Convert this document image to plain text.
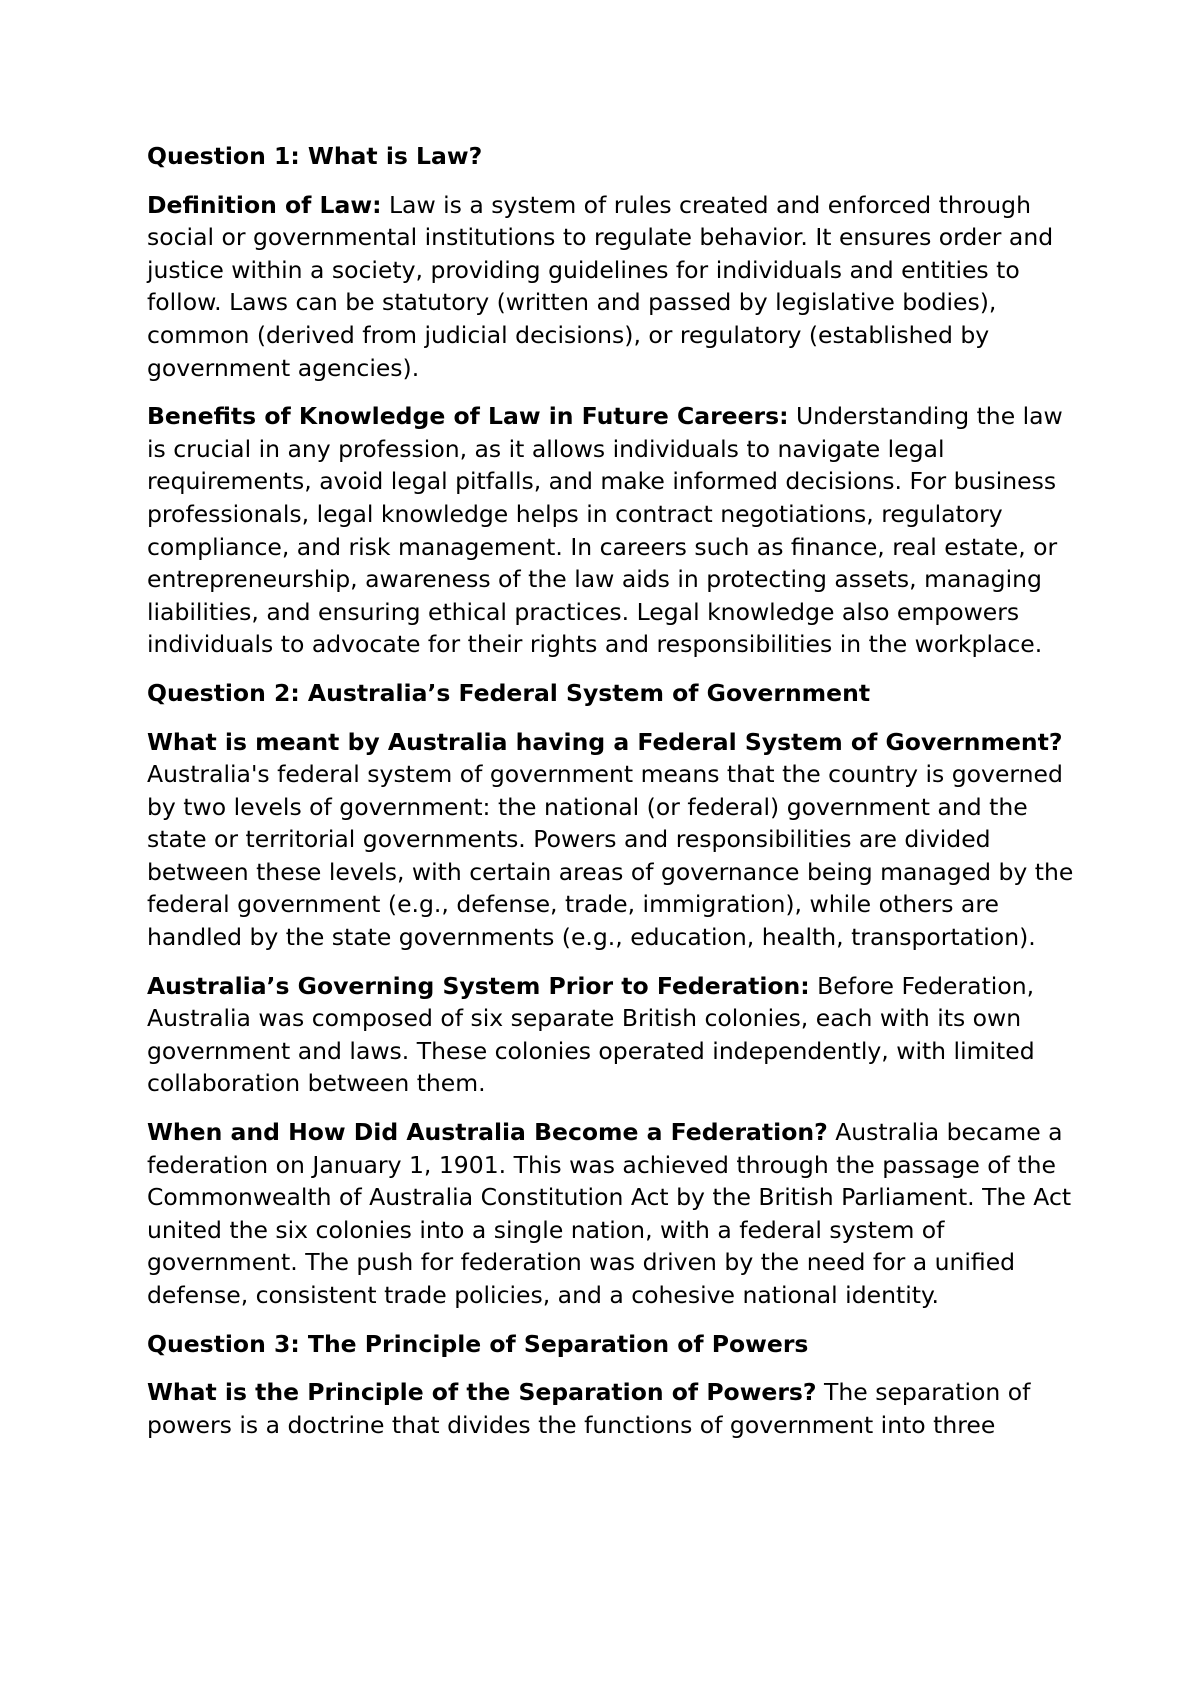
Question 1: What is Law?

Definition of Law: Law is a system of rules created and enforced through social or governmental institutions to regulate behavior. It ensures order and justice within a society, providing guidelines for individuals and entities to follow. Laws can be statutory (written and passed by legislative bodies), common (derived from judicial decisions), or regulatory (established by government agencies).

Benefits of Knowledge of Law in Future Careers: Understanding the law is crucial in any profession, as it allows individuals to navigate legal requirements, avoid legal pitfalls, and make informed decisions. For business professionals, legal knowledge helps in contract negotiations, regulatory compliance, and risk management. In careers such as finance, real estate, or entrepreneurship, awareness of the law aids in protecting assets, managing liabilities, and ensuring ethical practices. Legal knowledge also empowers individuals to advocate for their rights and responsibilities in the workplace.

Question 2: Australia’s Federal System of Government

What is meant by Australia having a Federal System of Government? Australia's federal system of government means that the country is governed by two levels of government: the national (or federal) government and the state or territorial governments. Powers and responsibilities are divided between these levels, with certain areas of governance being managed by the federal government (e.g., defense, trade, immigration), while others are handled by the state governments (e.g., education, health, transportation).

Australia’s Governing System Prior to Federation: Before Federation, Australia was composed of six separate British colonies, each with its own government and laws. These colonies operated independently, with limited collaboration between them.

When and How Did Australia Become a Federation? Australia became a federation on January 1, 1901. This was achieved through the passage of the Commonwealth of Australia Constitution Act by the British Parliament. The Act united the six colonies into a single nation, with a federal system of government. The push for federation was driven by the need for a unified defense, consistent trade policies, and a cohesive national identity.

Question 3: The Principle of Separation of Powers

What is the Principle of the Separation of Powers? The separation of powers is a doctrine that divides the functions of government into three
